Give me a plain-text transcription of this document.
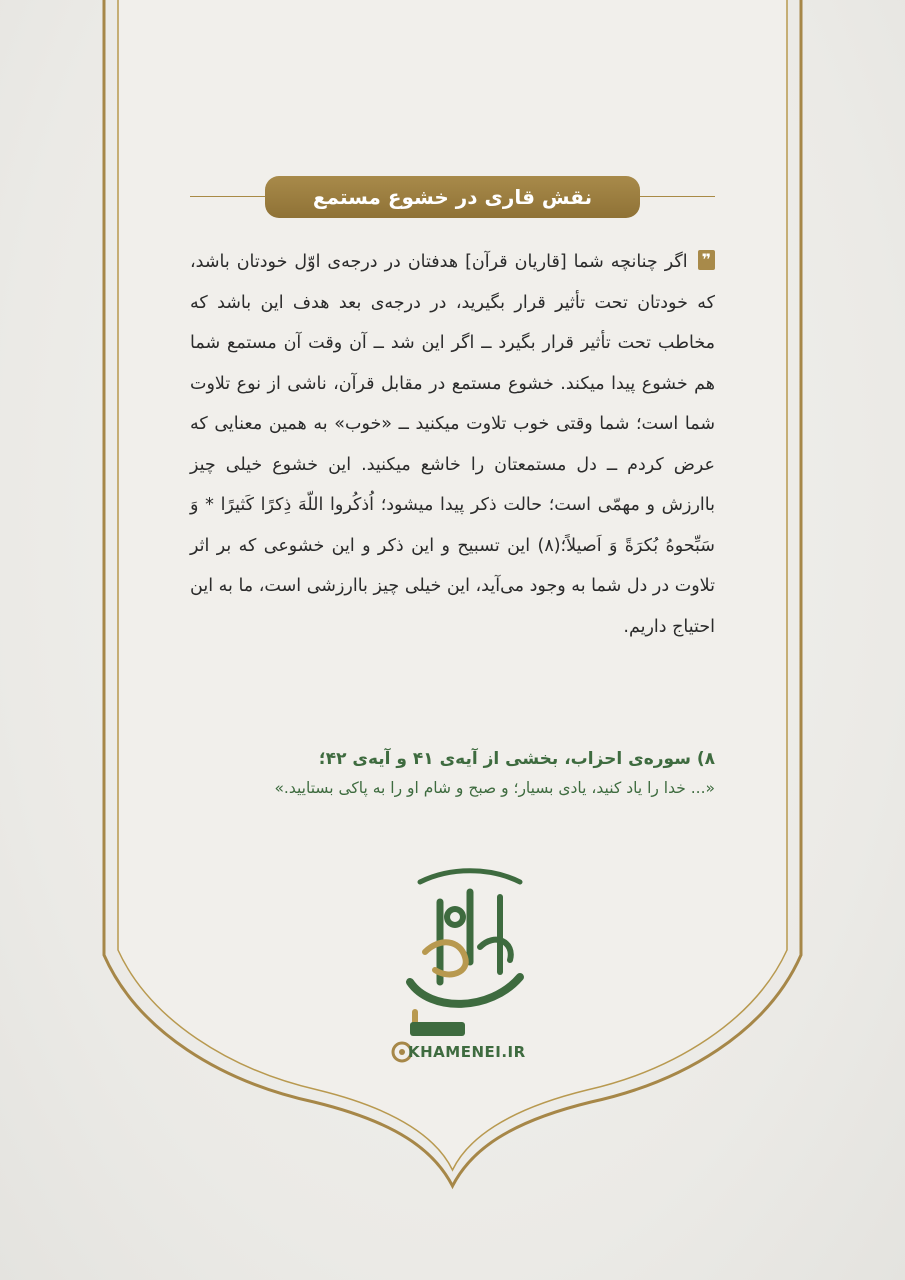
نقش قاری در خشوع مستمع
❞اگر چنانچه شما [قاریان قرآن] هدفتان در درجه‌ی اوّل خودتان باشد، که خودتان تحت تأثیر قرار بگیرید، در درجه‌ی بعد هدف این باشد که مخاطب تحت تأثیر قرار بگیرد ــ اگر این شد ــ آن وقت آن مستمع شما هم خشوع پیدا میکند. خشوع مستمع در مقابل قرآن، ناشی از نوع تلاوت شما است؛ شما وقتی خوب تلاوت میکنید ــ «خوب» به همین معنایی که عرض کردم ــ دل مستمعتان را خاشع میکنید. این خشوع خیلی چیز باارزش و مهمّی است؛ حالت ذکر پیدا میشود؛ اُذکُروا اللّهَ ذِکرًا کَثیرًا * وَ سَبِّحوهُ بُکرَةً وَ اَصیلاً؛(۸) این تسبیح و این ذکر و این خشوعی که بر اثر تلاوت در دل شما به وجود می‌آید، این خیلی چیز باارزشی است، ما به این احتیاج داریم.
۸) سوره‌ی احزاب، بخشی از آیه‌ی ۴۱ و آیه‌ی ۴۲؛
«... خدا را یاد کنید، یادی بسیار؛ و صبح و شام او را به پاکی بستایید.»
KHAMENEI.IR
